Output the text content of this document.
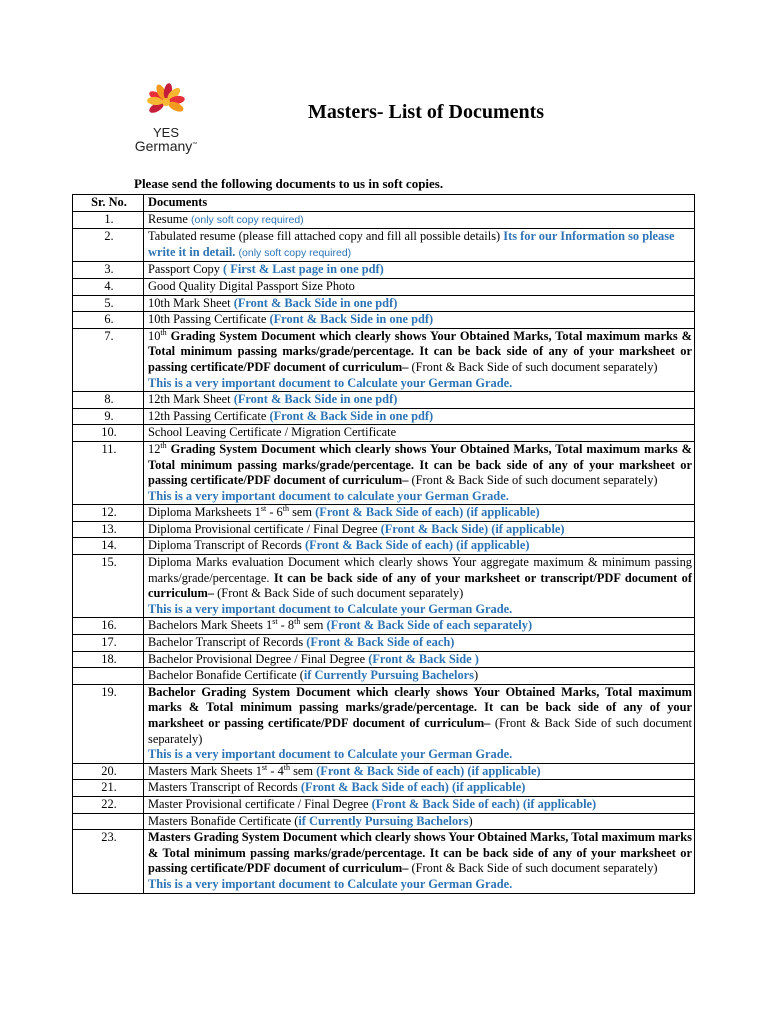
YES
Germany™
Masters- List of Documents
Please send the following documents to us in soft copies.
Sr. No.	Documents
1.	Resume (only soft copy required)
2.	Tabulated resume (please fill attached copy and fill all possible details) Its for our Information so please write it in detail. (only soft copy required)
3.	Passport Copy ( First & Last page in one pdf)
4.	Good Quality Digital Passport Size Photo
5.	10th Mark Sheet (Front & Back Side in one pdf)
6.	10th Passing Certificate (Front & Back Side in one pdf)
7.	10th Grading System Document which clearly shows Your Obtained Marks, Total maximum marks & Total minimum passing marks/grade/percentage. It can be back side of any of your marksheet or passing certificate/PDF document of curriculum– (Front & Back Side of such document separately)
This is a very important document to Calculate your German Grade.

8.	12th Mark Sheet (Front & Back Side in one pdf)
9.	12th Passing Certificate (Front & Back Side in one pdf)
10.	School Leaving Certificate / Migration Certificate
11.	12th Grading System Document which clearly shows Your Obtained Marks, Total maximum marks & Total minimum passing marks/grade/percentage. It can be back side of any of your marksheet or passing certificate/PDF document of curriculum– (Front & Back Side of such document separately)
This is a very important document to calculate your German Grade.

12.	Diploma Marksheets 1st - 6th sem (Front & Back Side of each) (if applicable)
13.	Diploma Provisional certificate / Final Degree (Front & Back Side) (if applicable)
14.	Diploma Transcript of Records (Front & Back Side of each) (if applicable)
15.	Diploma Marks evaluation Document which clearly shows Your aggregate maximum & minimum passing marks/grade/percentage. It can be back side of any of your marksheet or transcript/PDF document of curriculum– (Front & Back Side of such document separately)
This is a very important document to Calculate your German Grade.

16.	Bachelors Mark Sheets 1st - 8th sem (Front & Back Side of each separately)
17.	Bachelor Transcript of Records (Front & Back Side of each)
18.	Bachelor Provisional Degree / Final Degree (Front & Back Side )
	Bachelor Bonafide Certificate (if Currently Pursuing Bachelors)
19.	Bachelor Grading System Document which clearly shows Your Obtained Marks, Total maximum marks & Total minimum passing marks/grade/percentage. It can be back side of any of your marksheet or passing certificate/PDF document of curriculum– (Front & Back Side of such document separately)
This is a very important document to Calculate your German Grade.

20.	Masters Mark Sheets 1st - 4th sem (Front & Back Side of each) (if applicable)
21.	Masters Transcript of Records (Front & Back Side of each) (if applicable)
22.	Master Provisional certificate / Final Degree (Front & Back Side of each) (if applicable)
	Masters Bonafide Certificate (if Currently Pursuing Bachelors)
23.	Masters Grading System Document which clearly shows Your Obtained Marks, Total maximum marks & Total minimum passing marks/grade/percentage. It can be back side of any of your marksheet or passing certificate/PDF document of curriculum– (Front & Back Side of such document separately)
This is a very important document to Calculate your German Grade.
